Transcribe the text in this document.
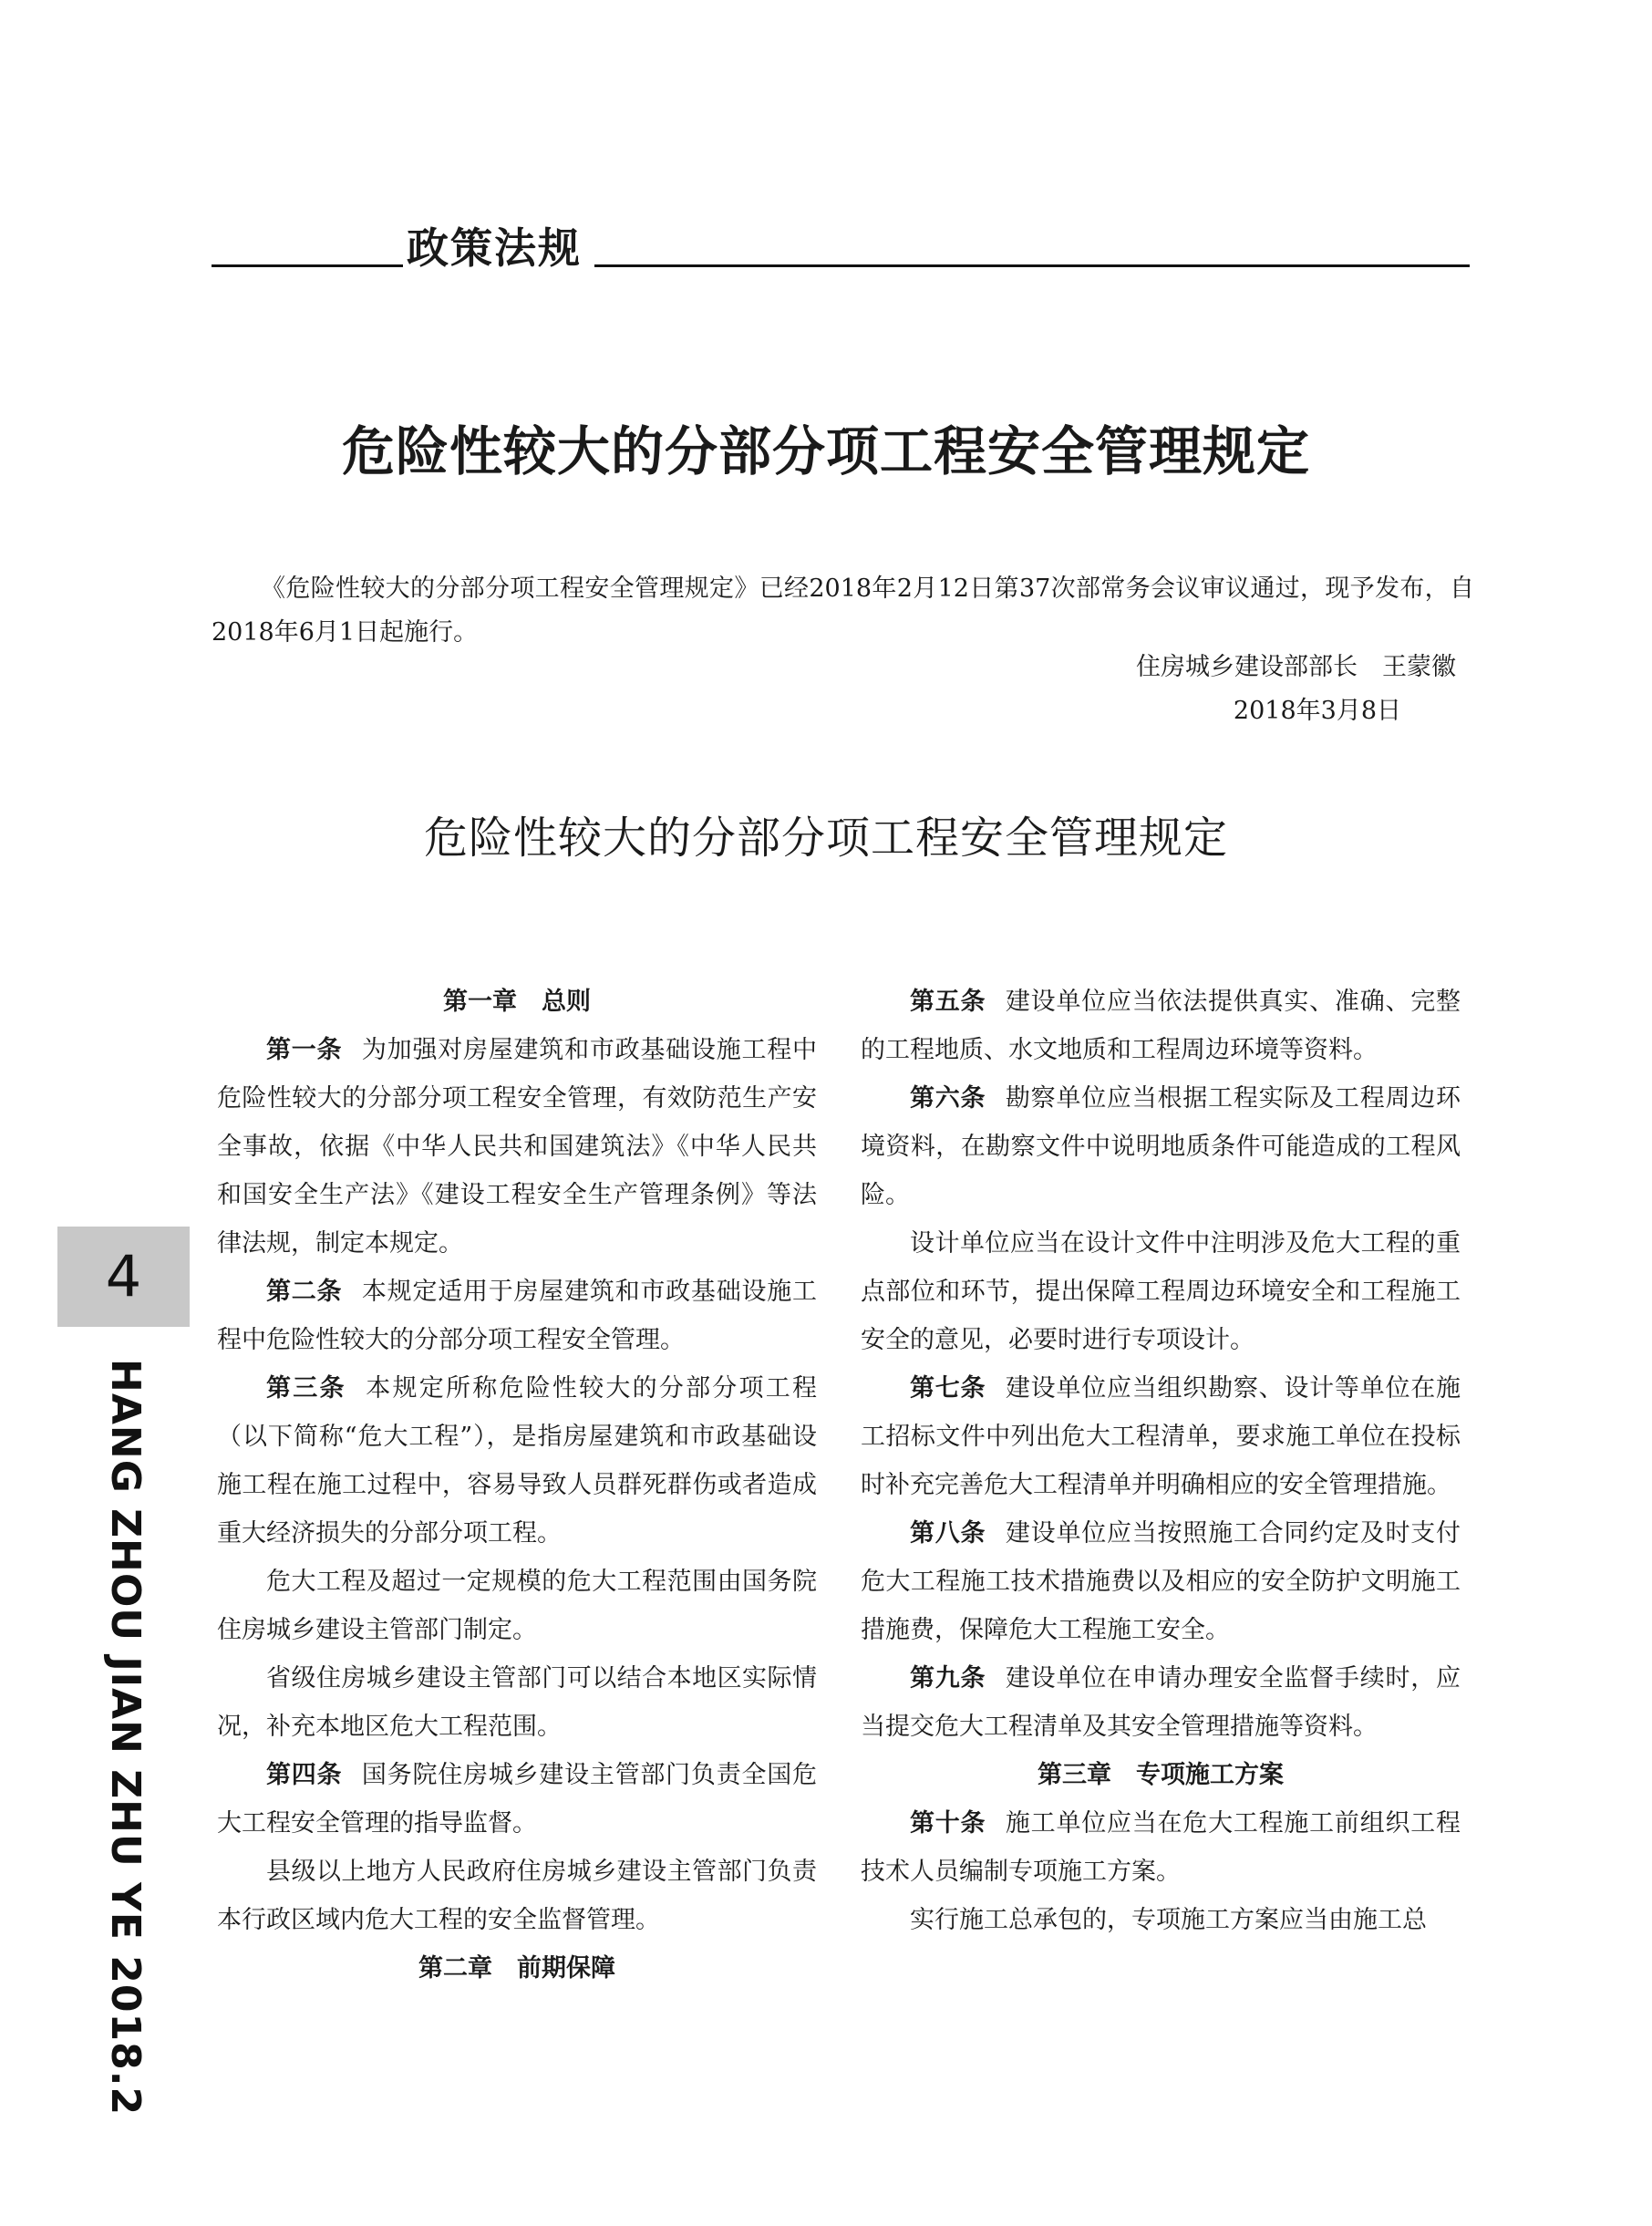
政策法规
危险性较大的分部分项工程安全管理规定
《危险性较大的分部分项工程安全管理规定》已经2018年2月12日第37次部常务会议审议通过，现予发布，自2018年6月1日起施行。
住房城乡建设部部长　王蒙徽
2018年3月8日
危险性较大的分部分项工程安全管理规定

第一章　总则

第一条 为加强对房屋建筑和市政基础设施工程中危险性较大的分部分项工程安全管理，有效防范生产安全事故，依据《中华人民共和国建筑法》《中华人民共和国安全生产法》《建设工程安全生产管理条例》等法律法规，制定本规定。

第二条 本规定适用于房屋建筑和市政基础设施工程中危险性较大的分部分项工程安全管理。

第三条 本规定所称危险性较大的分部分项工程（以下简称“危大工程”），是指房屋建筑和市政基础设施工程在施工过程中，容易导致人员群死群伤或者造成重大经济损失的分部分项工程。

危大工程及超过一定规模的危大工程范围由国务院住房城乡建设主管部门制定。

省级住房城乡建设主管部门可以结合本地区实际情况，补充本地区危大工程范围。

第四条 国务院住房城乡建设主管部门负责全国危大工程安全管理的指导监督。

县级以上地方人民政府住房城乡建设主管部门负责本行政区域内危大工程的安全监督管理。

第二章　前期保障

第五条 建设单位应当依法提供真实、准确、完整的工程地质、水文地质和工程周边环境等资料。

第六条 勘察单位应当根据工程实际及工程周边环境资料，在勘察文件中说明地质条件可能造成的工程风险。

设计单位应当在设计文件中注明涉及危大工程的重点部位和环节，提出保障工程周边环境安全和工程施工安全的意见，必要时进行专项设计。

第七条 建设单位应当组织勘察、设计等单位在施工招标文件中列出危大工程清单，要求施工单位在投标时补充完善危大工程清单并明确相应的安全管理措施。

第八条 建设单位应当按照施工合同约定及时支付危大工程施工技术措施费以及相应的安全防护文明施工措施费，保障危大工程施工安全。

第九条 建设单位在申请办理安全监督手续时，应当提交危大工程清单及其安全管理措施等资料。

第三章　专项施工方案

第十条 施工单位应当在危大工程施工前组织工程技术人员编制专项施工方案。

实行施工总承包的，专项施工方案应当由施工总

4
HANG ZHOU JIAN ZHU YE 2018.2
